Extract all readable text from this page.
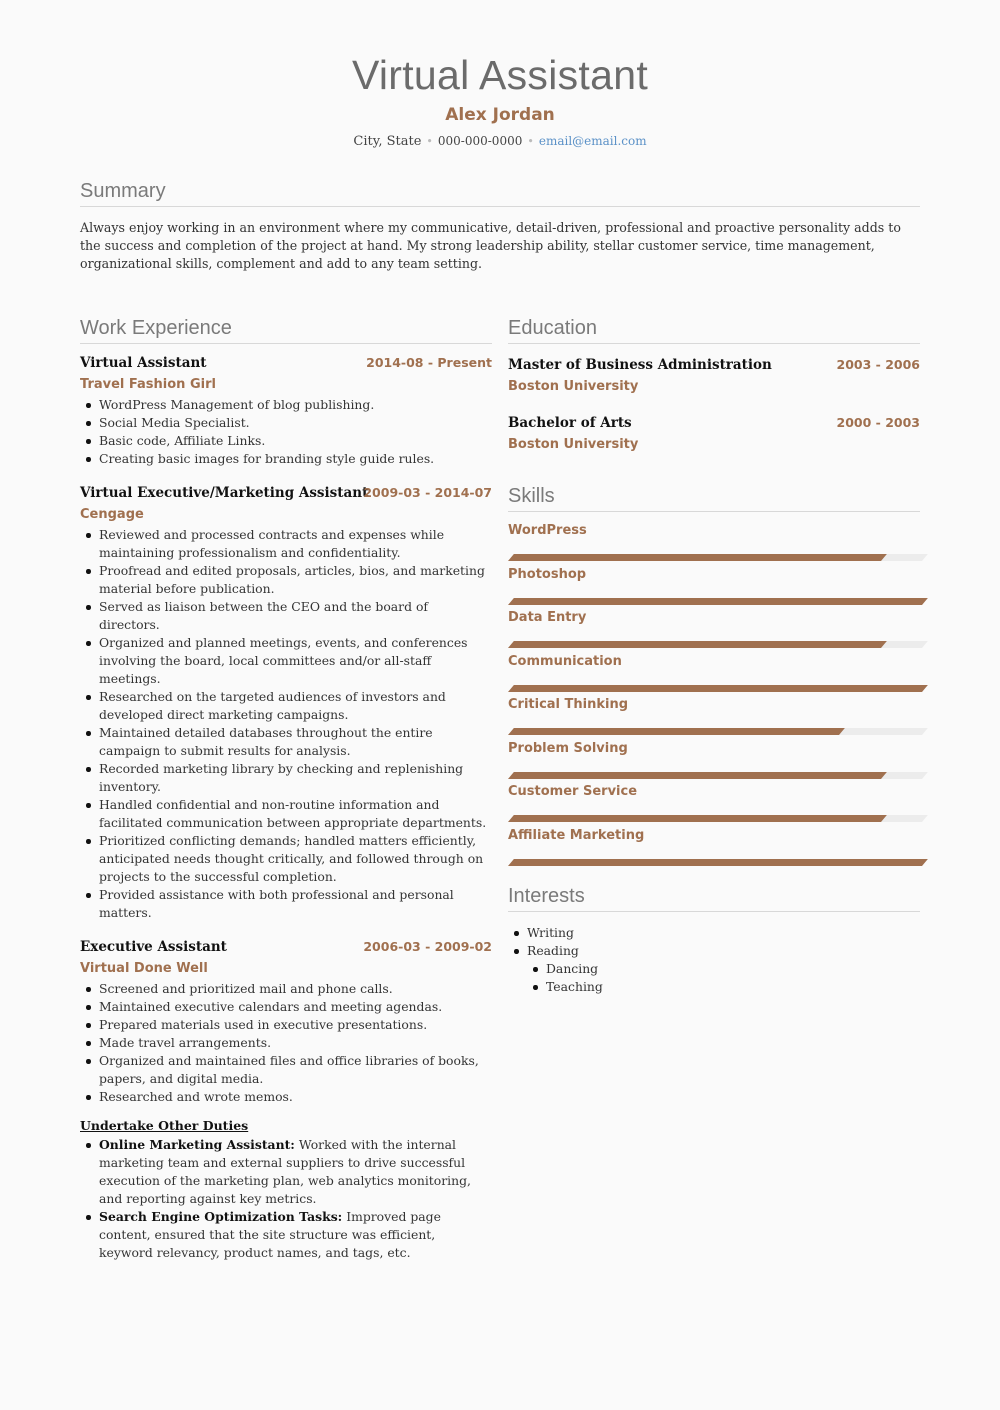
Virtual Assistant
Alex Jordan
City, State • 000-000-0000 • email@email.com
Summary
Always enjoy working in an environment where my communicative, detail-driven, professional and proactive personality adds to the success and completion of the project at hand. My strong leadership ability, stellar customer service, time management, organizational skills, complement and add to any team setting.
Work Experience
Virtual Assistant	2014-08 - Present
Travel Fashion Girl
WordPress Management of blog publishing.
Social Media Specialist.
Basic code, Affiliate Links.
Creating basic images for branding style guide rules.
Virtual Executive/Marketing Assistant
2009-03 - 2014-07
Cengage
Reviewed and processed contracts and expenses while maintaining professionalism and confidentiality.
Proofread and edited proposals, articles, bios, and marketing material before publication.
Served as liaison between the CEO and the board of directors.
Organized and planned meetings, events, and conferences involving the board, local committees and/or all-staff meetings.
Researched on the targeted audiences of investors and developed direct marketing campaigns.
Maintained detailed databases throughout the entire campaign to submit results for analysis.
Recorded marketing library by checking and replenishing inventory.
Handled confidential and non-routine information and facilitated communication between appropriate departments.
Prioritized conflicting demands; handled matters efficiently, anticipated needs thought critically, and followed through on projects to the successful completion.
Provided assistance with both professional and personal matters.
Executive Assistant	2006-03 - 2009-02
Virtual Done Well
Screened and prioritized mail and phone calls.
Maintained executive calendars and meeting agendas.
Prepared materials used in executive presentations.
Made travel arrangements.
Organized and maintained files and office libraries of books, papers, and digital media.
Researched and wrote memos.
Undertake Other Duties
Online Marketing Assistant: Worked with the internal marketing team and external suppliers to drive successful execution of the marketing plan, web analytics monitoring, and reporting against key metrics.
Search Engine Optimization Tasks: Improved page content, ensured that the site structure was efficient, keyword relevancy, product names, and tags, etc.
Education
Master of Business Administration	2003 - 2006
Boston University
Bachelor of Arts	2000 - 2003
Boston University
Skills
WordPress
Photoshop
Data Entry
Communication
Critical Thinking
Problem Solving
Customer Service
Affiliate Marketing
Interests
Writing
Reading
Dancing
Teaching
